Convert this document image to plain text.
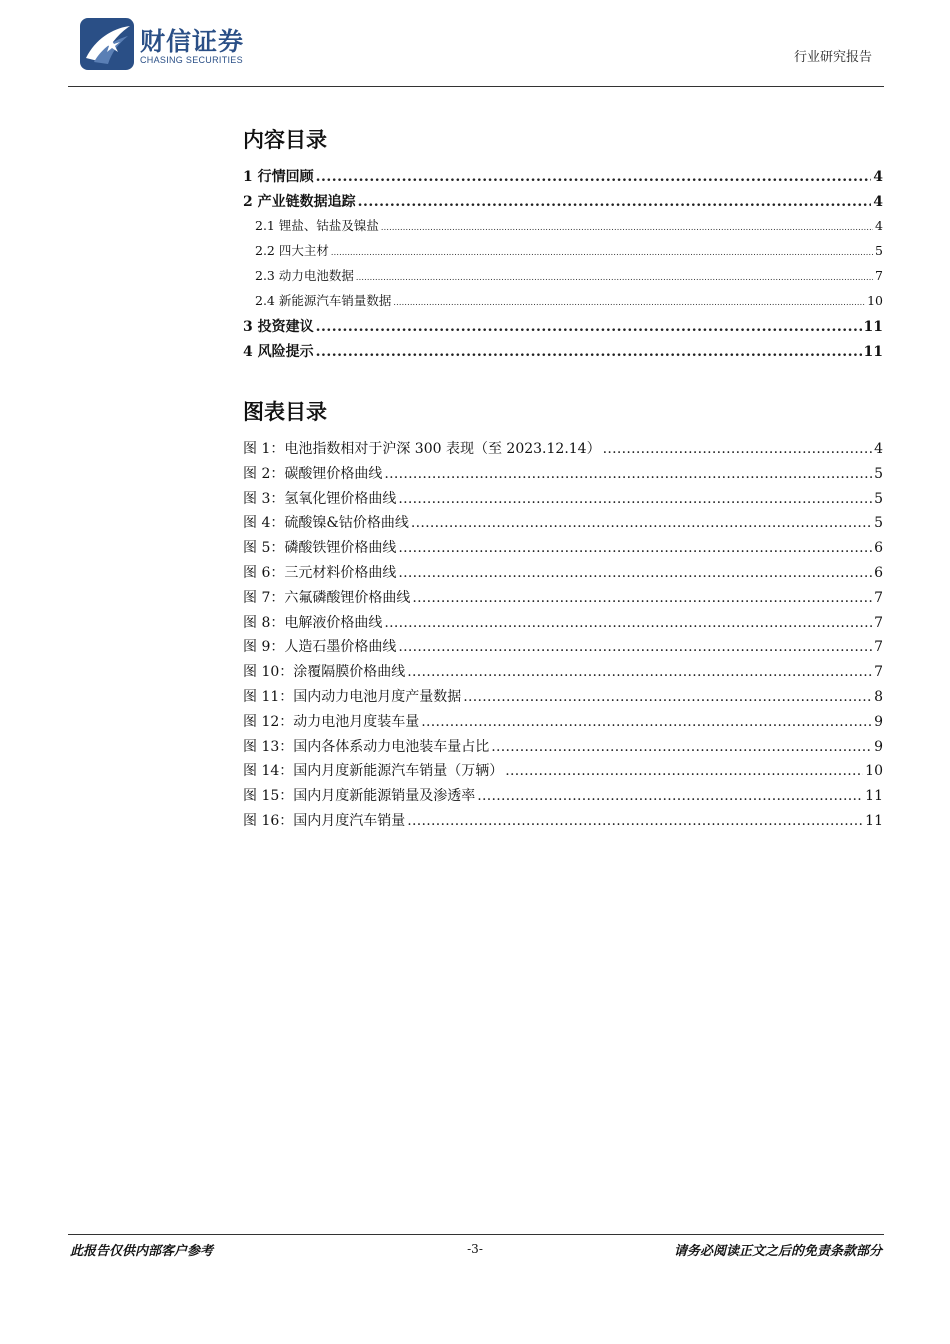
财信证券
CHASING SECURITIES	行业研究报告
内容目录
1 行情回顾 .....	4
2 产业链数据追踪 .....	4
2.1 锂盐、钴盐及镍盐 .....	4
2.2 四大主材 .....	5
2.3 动力电池数据 .....	7
2.4 新能源汽车销量数据 .....	10
3 投资建议 .....	11
4 风险提示 .....	11
图表目录
图 1：电池指数相对于沪深 300 表现（至 2023.12.14） .....	4
图 2：碳酸锂价格曲线 .....	5
图 3：氢氧化锂价格曲线 .....	5
图 4：硫酸镍&钴价格曲线 .....	5
图 5：磷酸铁锂价格曲线 .....	6
图 6：三元材料价格曲线 .....	6
图 7：六氟磷酸锂价格曲线 .....	7
图 8：电解液价格曲线 .....	7
图 9：人造石墨价格曲线 .....	7
图 10：涂覆隔膜价格曲线 .....	7
图 11：国内动力电池月度产量数据 .....	8
图 12：动力电池月度装车量 .....	9
图 13：国内各体系动力电池装车量占比 .....	9
图 14：国内月度新能源汽车销量（万辆） .....	10
图 15：国内月度新能源销量及渗透率 .....	11
图 16：国内月度汽车销量 .....	11
此报告仅供内部客户参考	-3-	请务必阅读正文之后的免责条款部分
